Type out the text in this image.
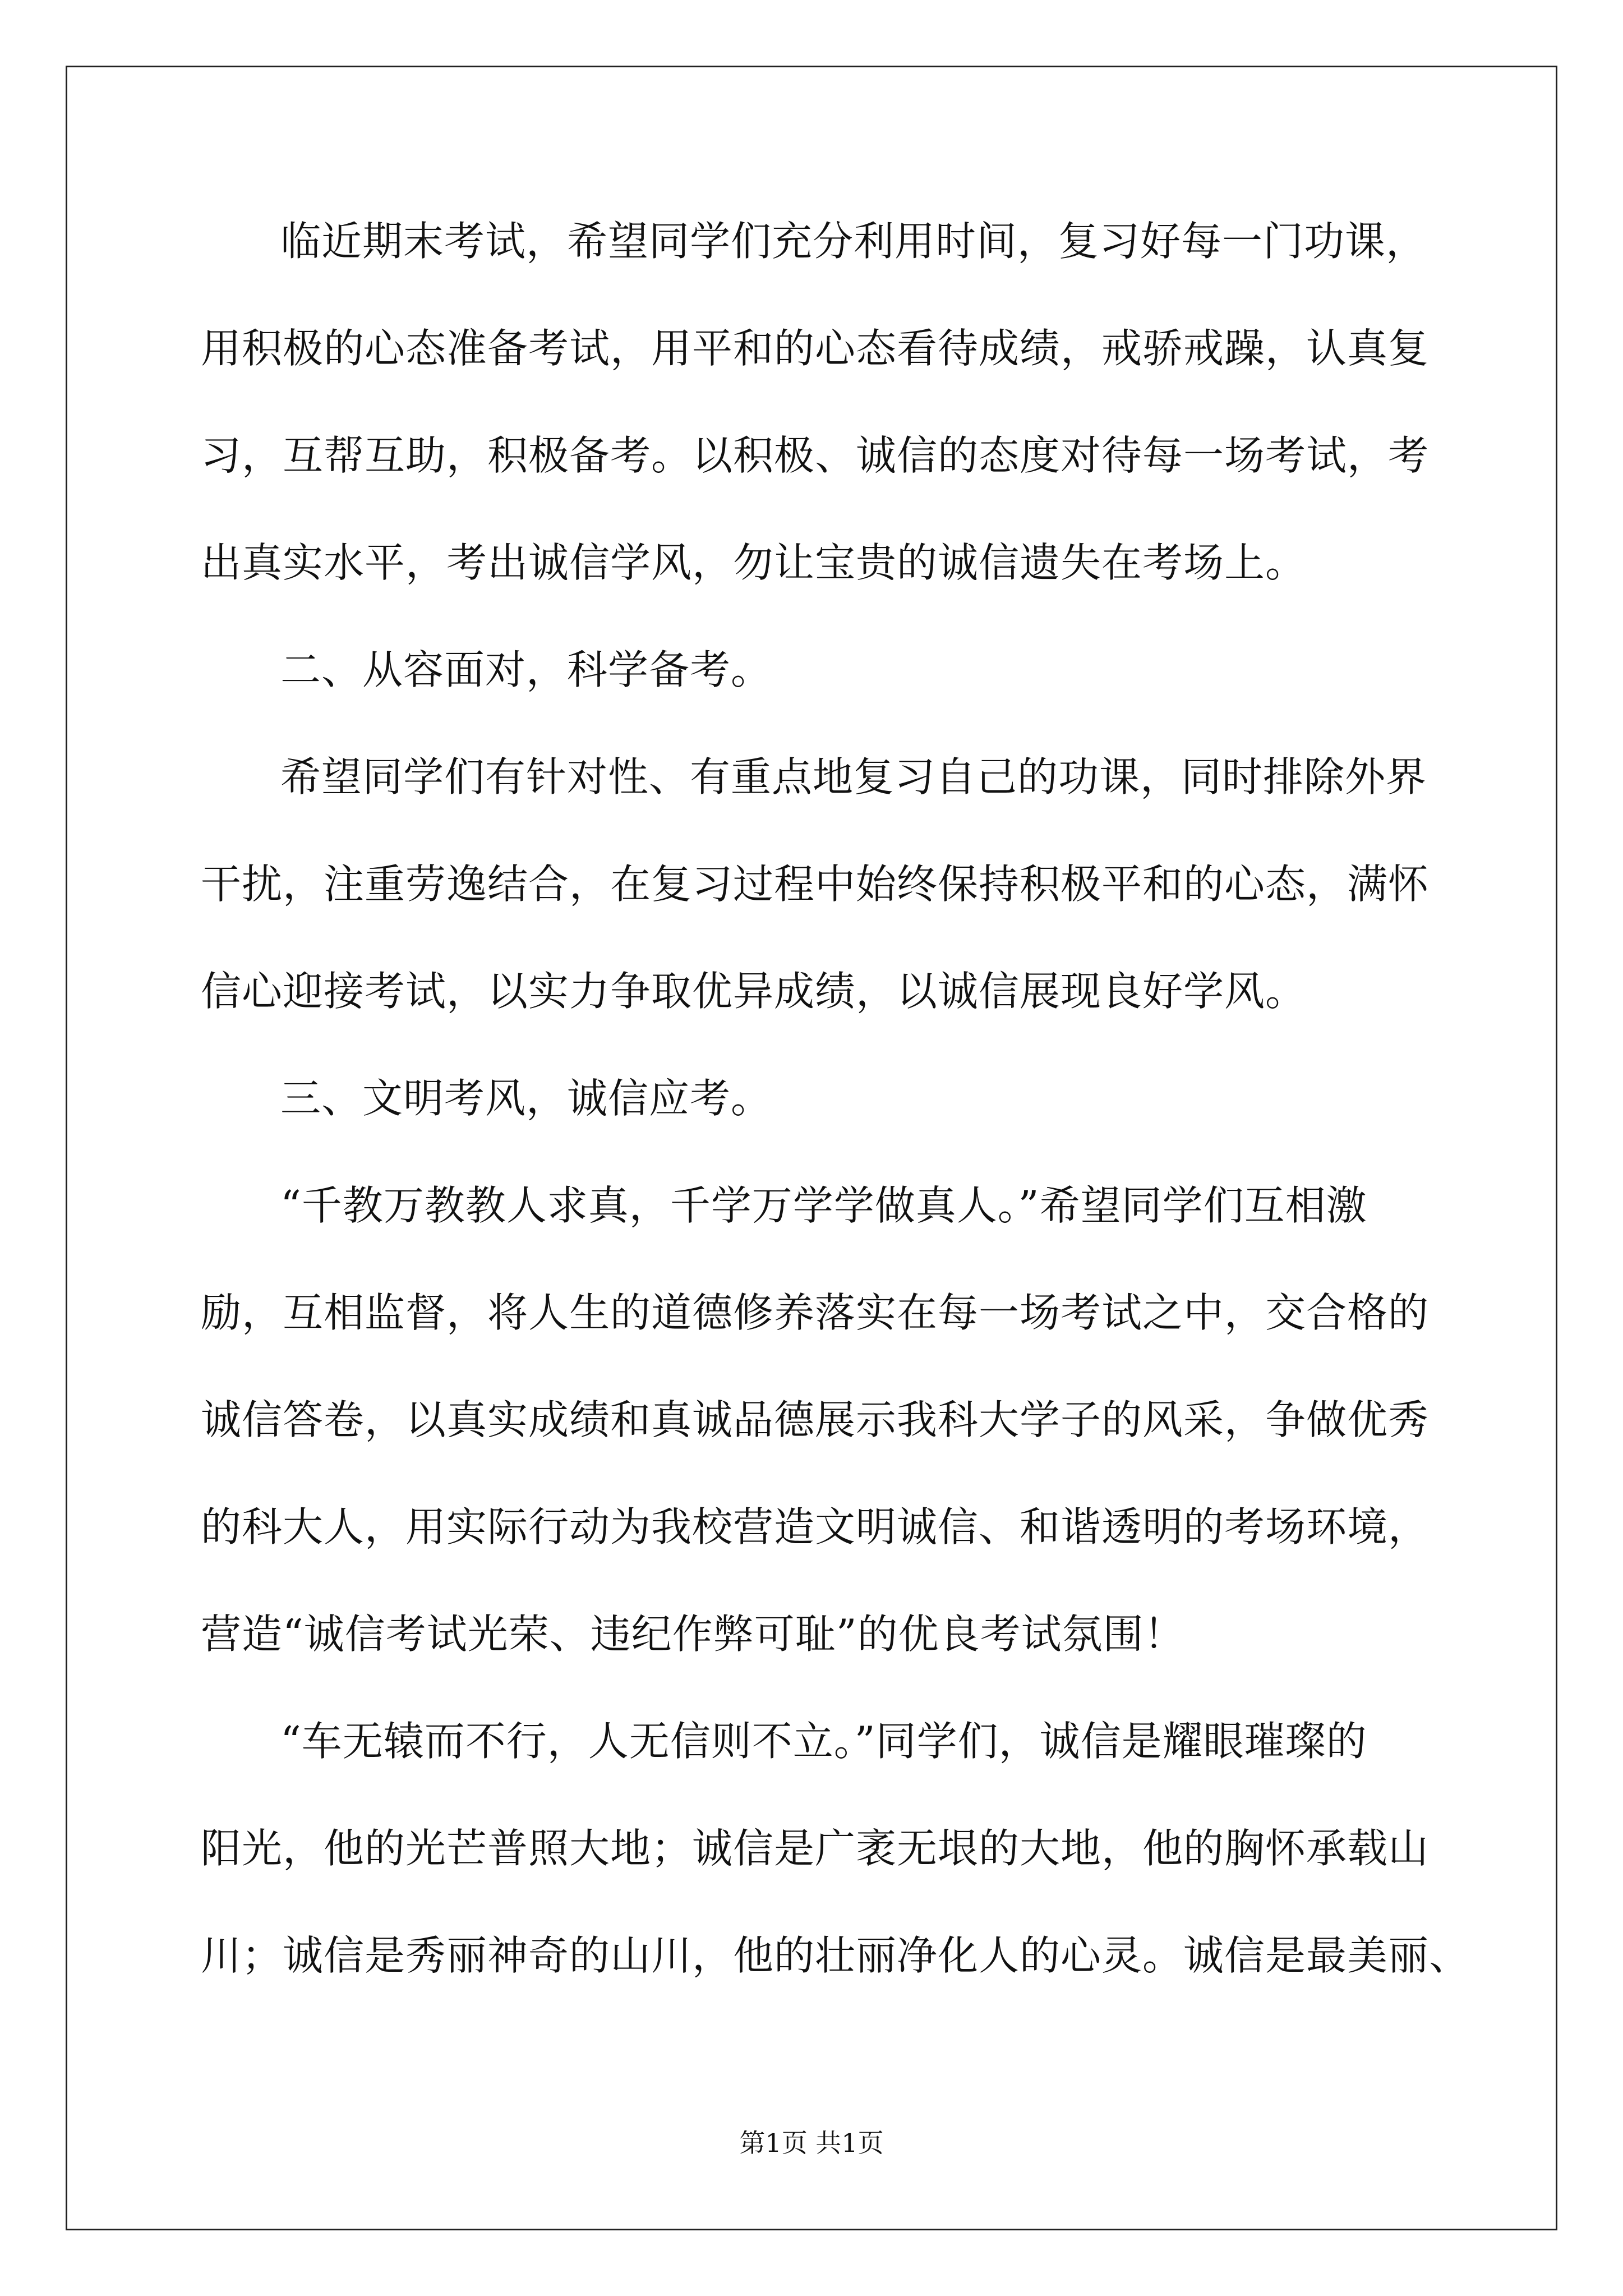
临近期末考试，希望同学们充分利用时间，复习好每一门功课，
用积极的心态准备考试，用平和的心态看待成绩，戒骄戒躁，认真复
习，互帮互助，积极备考。以积极、诚信的态度对待每一场考试，考
出真实水平，考出诚信学风，勿让宝贵的诚信遗失在考场上。
二、从容面对，科学备考。
希望同学们有针对性、有重点地复习自己的功课，同时排除外界
干扰，注重劳逸结合，在复习过程中始终保持积极平和的心态，满怀
信心迎接考试，以实力争取优异成绩，以诚信展现良好学风。
三、文明考风，诚信应考。
“千教万教教人求真，千学万学学做真人。”希望同学们互相激
励，互相监督，将人生的道德修养落实在每一场考试之中，交合格的
诚信答卷，以真实成绩和真诚品德展示我科大学子的风采，争做优秀
的科大人，用实际行动为我校营造文明诚信、和谐透明的考场环境，
营造“诚信考试光荣、违纪作弊可耻”的优良考试氛围！
“车无辕而不行，人无信则不立。”同学们，诚信是耀眼璀璨的
阳光，他的光芒普照大地；诚信是广袤无垠的大地，他的胸怀承载山
川；诚信是秀丽神奇的山川，他的壮丽净化人的心灵。诚信是最美丽、
第1页 共1页
